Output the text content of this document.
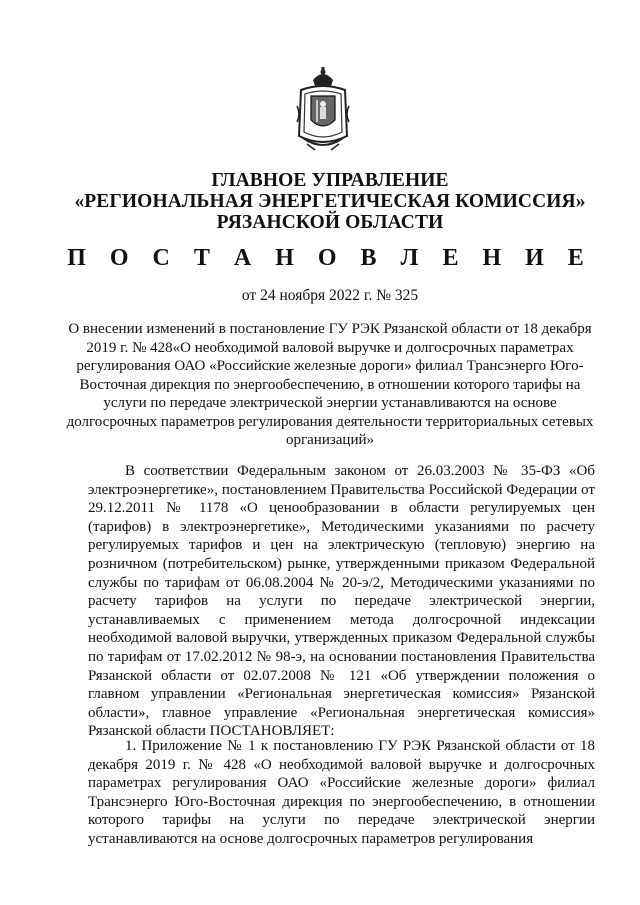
ГЛАВНОЕ УПРАВЛЕНИЕ
«РЕГИОНАЛЬНАЯ ЭНЕРГЕТИЧЕСКАЯ КОМИССИЯ»
РЯЗАНСКОЙ ОБЛАСТИ
П О С Т А Н О В Л Е Н И Е
от 24 ноября 2022 г. № 325
О внесении изменений в постановление ГУ РЭК Рязанской области от 18 декабря 2019 г. № 428«О необходимой валовой выручке и долгосрочных параметрах регулирования ОАО «Российские железные дороги» филиал Трансэнерго Юго-Восточная дирекция по энергообеспечению, в отношении которого тарифы на услуги по передаче электрической энергии устанавливаются на основе долгосрочных параметров регулирования деятельности территориальных сетевых организаций»
В соответствии Федеральным законом от 26.03.2003 № 35-ФЗ «Об электроэнергетике», постановлением Правительства Российской Федерации от 29.12.2011 № 1178 «О ценообразовании в области регулируемых цен (тарифов) в электроэнергетике», Методическими указаниями по расчету регулируемых тарифов и цен на электрическую (тепловую) энергию на розничном (потребительском) рынке, утвержденными приказом Федеральной службы по тарифам от 06.08.2004 № 20-э/2, Методическими указаниями по расчету тарифов на услуги по передаче электрической энергии, устанавливаемых с применением метода долгосрочной индексации необходимой валовой выручки, утвержденных приказом Федеральной службы по тарифам от 17.02.2012 № 98-э, на основании постановления Правительства Рязанской области от 02.07.2008 № 121 «Об утверждении положения о главном управлении «Региональная энергетическая комиссия» Рязанской области», главное управление «Региональная энергетическая комиссия» Рязанской области ПОСТАНОВЛЯЕТ:
1. Приложение № 1 к постановлению ГУ РЭК Рязанской области от 18 декабря 2019 г. № 428 «О необходимой валовой выручке и долгосрочных параметрах регулирования ОАО «Российские железные дороги» филиал Трансэнерго Юго-Восточная дирекция по энергообеспечению, в отношении которого тарифы на услуги по передаче электрической энергии устанавливаются на основе долгосрочных параметров регулирования
